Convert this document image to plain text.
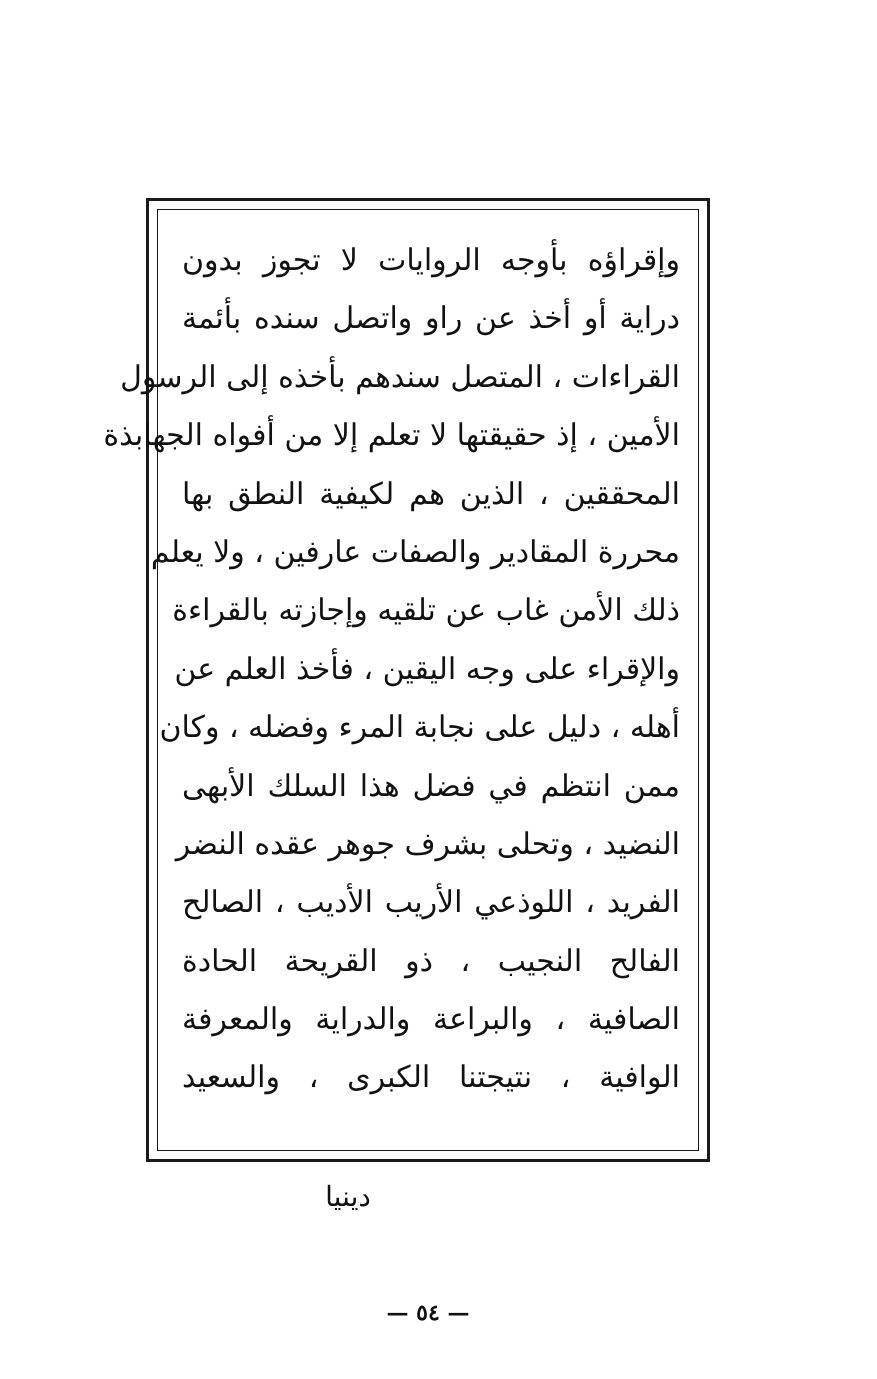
وإقراؤه بأوجه الروايات لا تجوز بدون
دراية أو أخذ عن راو واتصل سنده بأئمة
القراءات ، المتصل سندهم بأخذه إلى الرسول
الأمين ، إذ حقيقتها لا تعلم إلا من أفواه الجهابذة
المحققين ، الذين هم لكيفية النطق بها
محررة المقادير والصفات عارفين ، ولا يعلم
ذلك الأمن غاب عن تلقيه وإجازته بالقراءة
والإقراء على وجه اليقين ، فأخذ العلم عن
أهله ، دليل على نجابة المرء وفضله ، وكان
ممن انتظم في فضل هذا السلك الأبهى
النضيد ، وتحلى بشرف جوهر عقده النضر
الفريد ، اللوذعي الأريب الأديب ، الصالح
الفالح النجيب ، ذو القريحة الحادة
الصافية ، والبراعة والدراية والمعرفة
الوافية ، نتيجتنا الكبرى ، والسعيد
دينيا
— ٥٤ —
